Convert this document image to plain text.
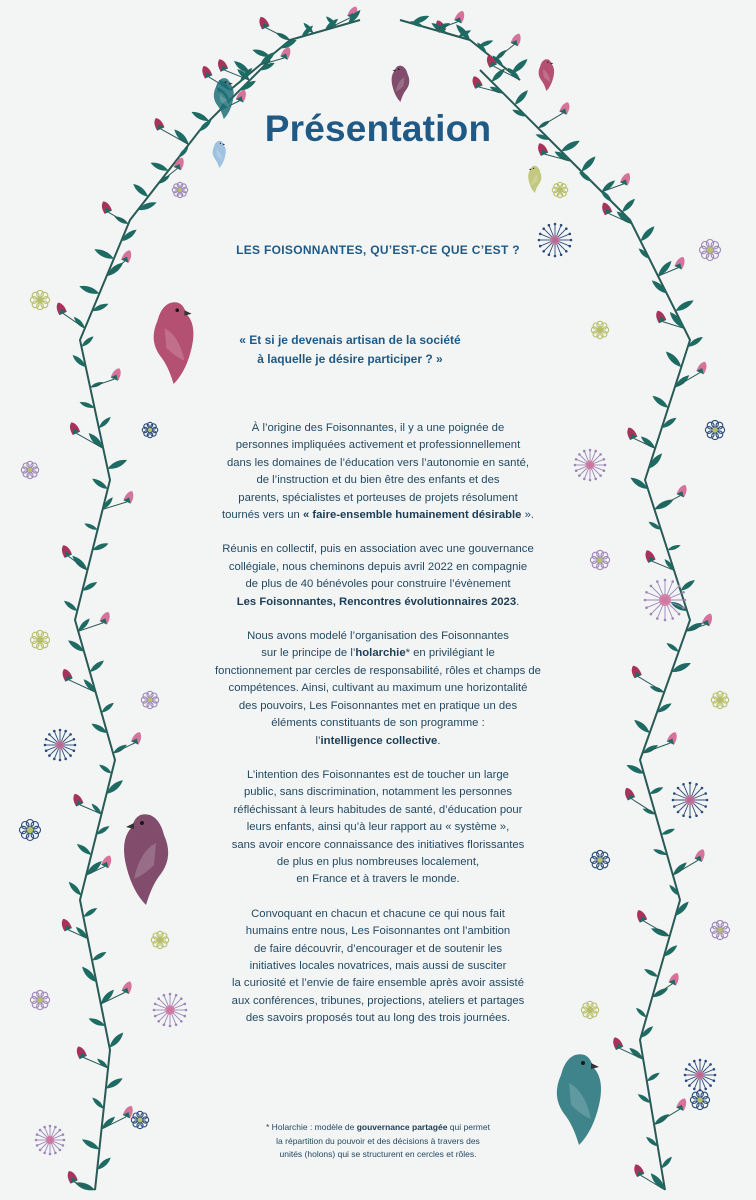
Présentation
LES FOISONNANTES, QU’EST-CE QUE C’EST ?
« Et si je devenais artisan de la société
à laquelle je désire participer ? »

À l’origine des Foisonnantes, il y a une poignée de
personnes impliquées activement et professionnellement
dans les domaines de l’éducation vers l’autonomie en santé,
de l’instruction et du bien être des enfants et des
parents, spécialistes et porteuses de projets résolument
tournés vers un « faire-ensemble humainement désirable ».

Réunis en collectif, puis en association avec une gouvernance
collégiale, nous cheminons depuis avril 2022 en compagnie
de plus de 40 bénévoles pour construire l’évènement
Les Foisonnantes, Rencontres évolutionnaires 2023.

Nous avons modelé l’organisation des Foisonnantes
sur le principe de l’holarchie* en privilégiant le
fonctionnement par cercles de responsabilité, rôles et champs de
compétences. Ainsi, cultivant au maximum une horizontalité
des pouvoirs, Les Foisonnantes met en pratique un des
éléments constituants de son programme :
l’intelligence collective.

L’intention des Foisonnantes est de toucher un large
public, sans discrimination, notamment les personnes
réfléchissant à leurs habitudes de santé, d’éducation pour
leurs enfants, ainsi qu’à leur rapport au « système »,
sans avoir encore connaissance des initiatives florissantes
de plus en plus nombreuses localement,
en France et à travers le monde.

Convoquant en chacun et chacune ce qui nous fait
humains entre nous, Les Foisonnantes ont l’ambition
de faire découvrir, d’encourager et de soutenir les
initiatives locales novatrices, mais aussi de susciter
la curiosité et l’envie de faire ensemble après avoir assisté
aux conférences, tribunes, projections, ateliers et partages
des savoirs proposés tout au long des trois journées.

* Holarchie : modèle de gouvernance partagée qui permet
la répartition du pouvoir et des décisions à travers des
unités (holons) qui se structurent en cercles et rôles.
